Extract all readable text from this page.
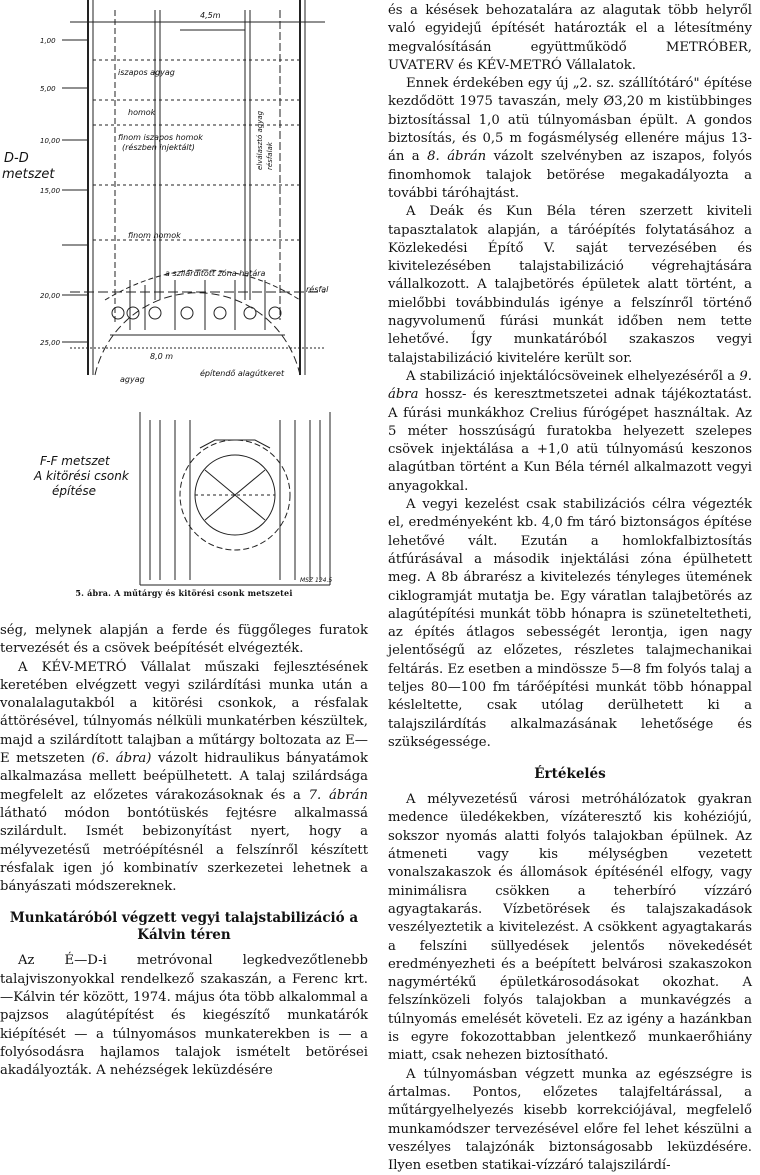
D-D
metszet
4,5m
iszapos agyag
homok
finom iszapos homok
(részben injektált)
finom homok
a szilárdított zóna határa
8,0 m
agyag
építendő alagútkeret
résfal
elválasztó agyag résfalak
1,00
5,00
10,00
15,00
20,00
25,00
F-F metszet
A kitörési csonk
építése
MSZ 124.5
5. ábra. A műtárgy és kitörési csonk metszetei

ség, melynek alapján a ferde és függőleges furatok tervezését és a csövek beépítését elvégezték.

A KÉV-METRÓ Vállalat műszaki fejlesztésének keretében elvégzett vegyi szilárdítási munka után a vonalalagutakból a kitörési csonkok, a résfalak áttörésével, túlnyomás nélküli munkatérben készültek, majd a szilárdított talajban a műtárgy boltozata az E—E metszeten (6. ábra) vázolt hidraulikus bányatámok alkalmazása mellett beépülhetett. A talaj szilárdsága megfelelt az előzetes várakozásoknak és a 7. ábrán látható módon bontótüskés fejtésre alkalmassá szilárdult. Ismét bebizonyítást nyert, hogy a mélyvezetésű metróépítésnél a felszínről készített résfalak igen jó kombinatív szerkezetei lehetnek a bányászati módszereknek.

Munkatáróból végzett vegyi talajstabilizáció a Kálvin téren

Az É—D-i metróvonal legkedvezőtlenebb talajviszonyokkal rendelkező szakaszán, a Ferenc krt.—Kálvin tér között, 1974. május óta több alkalommal a pajzsos alagútépítést és kiegészítő munkatárók kiépítését — a túlnyomásos munkaterekben is — a folyósodásra hajlamos talajok ismételt betörései akadályozták. A nehézségek leküzdésére

és a késések behozatalára az alagutak több helyről való egyidejű építését határozták el a létesítmény megvalósításán együttműködő METRÓBER, UVATERV és KÉV-METRÓ Vállalatok.

Ennek érdekében egy új „2. sz. szállítótáró" építése kezdődött 1975 tavaszán, mely Ø3,20 m kistübbinges biztosítással 1,0 atü túlnyomásban épült. A gondos biztosítás, és 0,5 m fogásmélység ellenére május 13-án a 8. ábrán vázolt szelvényben az iszapos, folyós finomhomok talajok betörése megakadályozta a további táróhajtást.

A Deák és Kun Béla téren szerzett kiviteli tapasztalatok alapján, a táróépítés folytatásához a Közlekedési Építő V. saját tervezésében és kivitelezésében talajstabilizáció végrehajtására vállalkozott. A talajbetörés épületek alatt történt, a mielőbbi továbbindulás igénye a felszínről történő nagyvolumenű fúrási munkát időben nem tette lehetővé. Így munkatáróból szakaszos vegyi talajstabilizáció kivitelére került sor.

A stabilizáció injektálócsöveinek elhelyezéséről a 9. ábra hossz- és keresztmetszetei adnak tájékoztatást. A fúrási munkákhoz Crelius fúrógépet használtak. Az 5 méter hosszúságú furatokba helyezett szelepes csövek injektálása a +1,0 atü túlnyomású keszonos alagútban történt a Kun Béla térnél alkalmazott vegyi anyagokkal.

A vegyi kezelést csak stabilizációs célra végezték el, eredményeként kb. 4,0 fm táró biztonságos építése lehetővé vált. Ezután a homlokfalbiztosítás átfúrásával a második injektálási zóna épülhetett meg. A 8b ábrarész a kivitelezés tényleges ütemének ciklogramját mutatja be. Egy váratlan talajbetörés az alagútépítési munkát több hónapra is szüneteltetheti, az építés átlagos sebességét lerontja, igen nagy jelentőségű az előzetes, részletes talajmechanikai feltárás. Ez esetben a mindössze 5—8 fm folyós talaj a teljes 80—100 fm tárőépítési munkát több hónappal késleltette, csak utólag derülhetett ki a talajszilárdítás alkalmazásának lehetősége és szükségessége.

Értékelés

A mélyvezetésű városi metróhálózatok gyakran medence üledékekben, vízáteresztő kis kohéziójú, sokszor nyomás alatti folyós talajokban épülnek. Az átmeneti vagy kis mélységben vezetett vonalszakaszok és állomások építésénél elfogy, vagy minimálisra csökken a teherbíró vízzáró agyagtakarás. Vízbetörések és talajszakadások veszélyeztetik a kivitelezést. A csökkent agyagtakarás a felszíni süllyedések jelentős növekedését eredményezheti és a beépített belvárosi szakaszokon nagymértékű épületkárosodásokat okozhat. A felszínközeli folyós talajokban a munkavégzés a túlnyomás emelését követeli. Ez az igény a hazánkban is egyre fokozottabban jelentkező munkaerőhiány miatt, csak nehezen biztosítható.

A túlnyomásban végzett munka az egészségre is ártalmas. Pontos, előzetes talajfeltárással, a műtárgyelhelyezés kisebb korrekciójával, megfelelő munkamódszer tervezésével előre fel lehet készülni a veszélyes talajzónák biztonságosabb leküzdésére. Ilyen esetben statikai-vízzáró talajszilárdí-
